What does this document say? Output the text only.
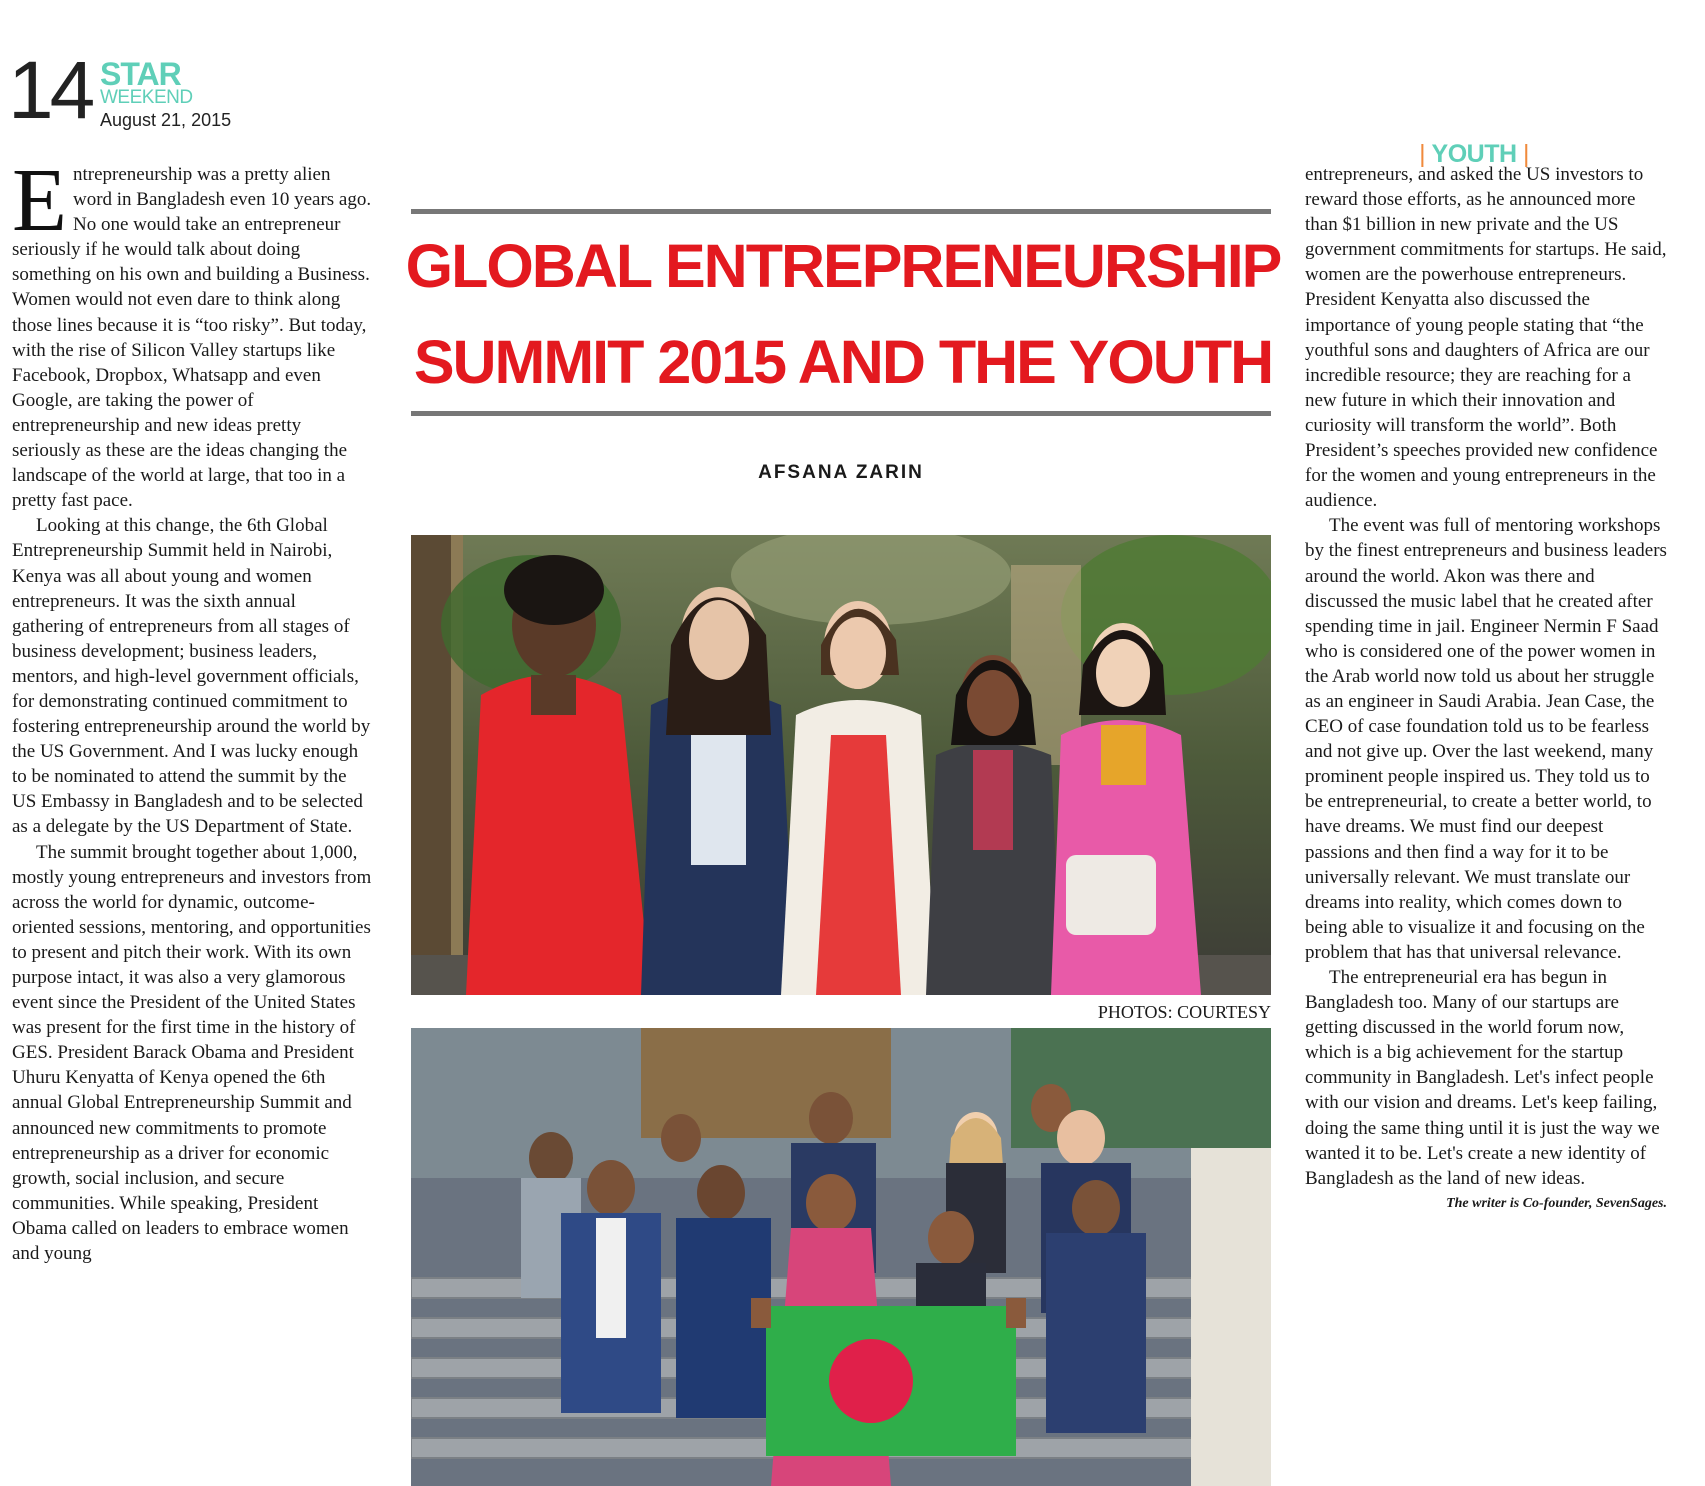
14 STAR
WEEKEND
August 21, 2015
| YOUTH |

Entrepreneurship was a pretty alien word in Bangladesh even 10 years ago. No one would take an entrepreneur seriously if he would talk about doing something on his own and building a Business. Women would not even dare to think along those lines because it is “too risky”. But today, with the rise of Silicon Valley startups like Facebook, Dropbox, Whatsapp and even Google, are taking the power of entrepreneurship and new ideas pretty seriously as these are the ideas changing the landscape of the world at large, that too in a pretty fast pace.

Looking at this change, the 6th Global Entrepreneurship Summit held in Nairobi, Kenya was all about young and women entrepreneurs. It was the sixth annual gathering of entrepreneurs from all stages of business development; business leaders, mentors, and high-level government officials, for demonstrating continued commitment to fostering entrepreneurship around the world by the US Government. And I was lucky enough to be nominated to attend the summit by the US Embassy in Bangladesh and to be selected as a delegate by the US Department of State.

The summit brought together about 1,000, mostly young entrepreneurs and investors from across the world for dynamic, outcome-oriented sessions, mentoring, and opportunities to present and pitch their work. With its own purpose intact, it was also a very glamorous event since the President of the United States was present for the first time in the history of GES. President Barack Obama and President Uhuru Kenyatta of Kenya opened the 6th annual Global Entrepreneurship Summit and announced new commitments to promote entrepreneurship as a driver for economic growth, social inclusion, and secure communities. While speaking, President Obama called on leaders to embrace women and young

GLOBAL ENTREPRENEURSHIP
SUMMIT 2015 AND THE YOUTH
AFSANA ZARIN
PHOTOS: COURTESY

entrepreneurs, and asked the US investors to reward those efforts, as he announced more than $1 billion in new private and the US government commitments for startups. He said, women are the powerhouse entrepreneurs. President Kenyatta also discussed the importance of young people stating that “the youthful sons and daughters of Africa are our incredible resource; they are reaching for a new future in which their innovation and curiosity will transform the world”. Both President’s speeches provided new confidence for the women and young entrepreneurs in the audience.

The event was full of mentoring workshops by the finest entrepreneurs and business leaders around the world. Akon was there and discussed the music label that he created after spending time in jail. Engineer Nermin F Saad who is considered one of the power women in the Arab world now told us about her struggle as an engineer in Saudi Arabia. Jean Case, the CEO of case foundation told us to be fearless and not give up. Over the last weekend, many prominent people inspired us. They told us to be entrepreneurial, to create a better world, to have dreams. We must find our deepest passions and then find a way for it to be universally relevant. We must translate our dreams into reality, which comes down to being able to visualize it and focusing on the problem that has that universal relevance.

The entrepreneurial era has begun in Bangladesh too. Many of our startups are getting discussed in the world forum now, which is a big achievement for the startup community in Bangladesh. Let's infect people with our vision and dreams. Let's keep failing, doing the same thing until it is just the way we wanted it to be. Let's create a new identity of Bangladesh as the land of new ideas.

The writer is Co-founder, SevenSages.
